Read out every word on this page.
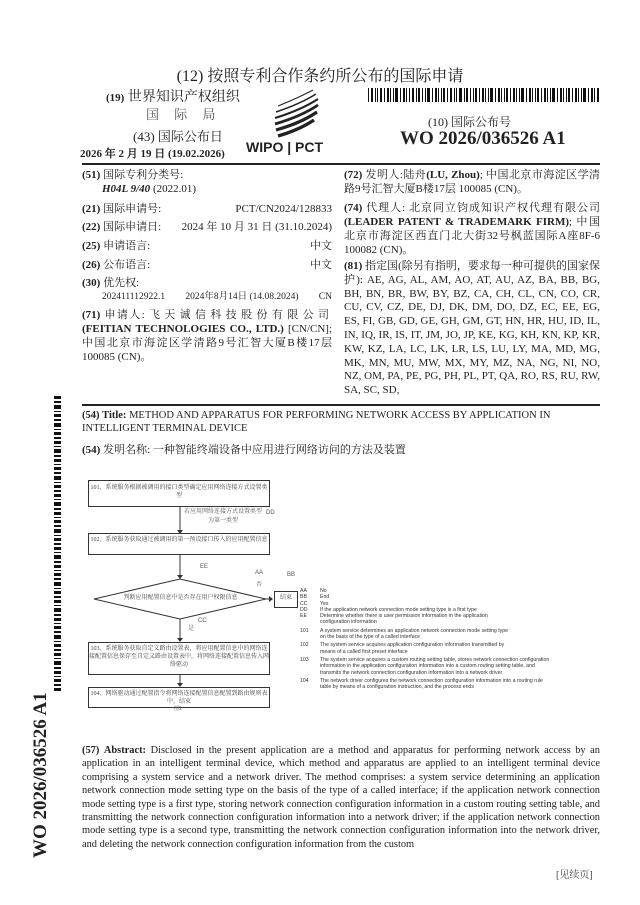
(12) 按照专利合作条约所公布的国际申请
(19) 世界知识产权组织
国 际 局
(43) 国际公布日
2026 年 2 月 19 日 (19.02.2026) WIPO | PCT
(10) 国际公布号
WO 2026/036526 A1
(51) 国际专利分类号:
H04L 9/40 (2022.01)
(21) 国际申请号:	PCT/CN2024/128833
(22) 国际申请日: 2024 年 10 月 31 日 (31.10.2024)
(25) 申请语言:	中文
(26) 公布语言:	中文
(30) 优先权:
202411112922.1 2024年8月14日 (14.08.2024) CN
(71) 申请人: 飞天诚信科技股份有限公司 (FEITIAN TECHNOLOGIES CO., LTD.) [CN/CN]; 中国北京市海淀区学清路9号汇智大厦B楼17层 100085 (CN)。
(72) 发明人:陆舟(LU, Zhou); 中国北京市海淀区学清路9号汇智大厦B楼17层 100085 (CN)。
(74) 代理人: 北京同立钧成知识产权代理有限公司(LEADER PATENT & TRADEMARK FIRM); 中国北京市海淀区西直门北大街32号枫蓝国际A座8F-6 100082 (CN)。
(81) 指定国(除另有指明，要求每一种可提供的国家保护): AE, AG, AL, AM, AO, AT, AU, AZ, BA, BB, BG, BH, BN, BR, BW, BY, BZ, CA, CH, CL, CN, CO, CR, CU, CV, CZ, DE, DJ, DK, DM, DO, DZ, EC, EE, EG, ES, FI, GB, GD, GE, GH, GM, GT, HN, HR, HU, ID, IL, IN, IQ, IR, IS, IT, JM, JO, JP, KE, KG, KH, KN, KP, KR, KW, KZ, LA, LC, LK, LR, LS, LU, LY, MA, MD, MG, MK, MN, MU, MW, MX, MY, MZ, NA, NG, NI, NO, NZ, OM, PA, PE, PG, PH, PL, PT, QA, RO, RS, RU, RW, SA, SC, SD,
(54) Title: METHOD AND APPARATUS FOR PERFORMING NETWORK ACCESS BY APPLICATION IN INTELLIGENT TERMINAL DEVICE
(54) 发明名称: 一种智能终端设备中应用进行网络访问的方法及装置
101、系统服务根据被调用的接口类型确定应用网络连接方式设置类型
若应用网络连接方式设置类型为第一类型
DD
102、系统服务获取通过被调用的第一预设接口传入的应用配置信息
EE
判断应用配置信息中是否存在用户权限信息
AA
否
BB
结束
是
CC
103、系统服务获取自定义路由设置表，将应用配置信息中的网络连接配置信息保存至自定义路由设置表中，将网络连接配置信息传入网络驱动
104、网络驱动通过配置指令将网络连接配置信息配置到路由规则表中，结束
图1
AA	No
BB	End
CC	Yes
DD	If the application network connection mode setting type is a first type
EE	Determine whether there is user permission information in the application configuration information
101	A system service determines an application network connection mode setting type on the basis of the type of a called interface
102	The system service acquires application configuration information transmitted by means of a called first preset interface
103	The system service acquires a custom routing setting table, stores network connection configuration information in the application configuration information into a custom routing setting table, and transmits the network connection configuration information into a network driver
104	The network driver configures the network connection configuration information into a routing rule table by means of a configuration instruction, and the process ends
(57) Abstract: Disclosed in the present application are a method and apparatus for performing network access by an application in an intelligent terminal device, which method and apparatus are applied to an intelligent terminal device comprising a system service and a network driver. The method comprises: a system service determining an application network connection mode setting type on the basis of the type of a called interface; if the application network connection mode setting type is a first type, storing network connection configuration information in a custom routing setting table, and transmitting the network connection configuration information into a network driver; if the application network connection mode setting type is a second type, transmitting the network connection configuration information into the network driver, and deleting the network connection configuration information from the custom
[见续页]
WO 2026/036526 A1
